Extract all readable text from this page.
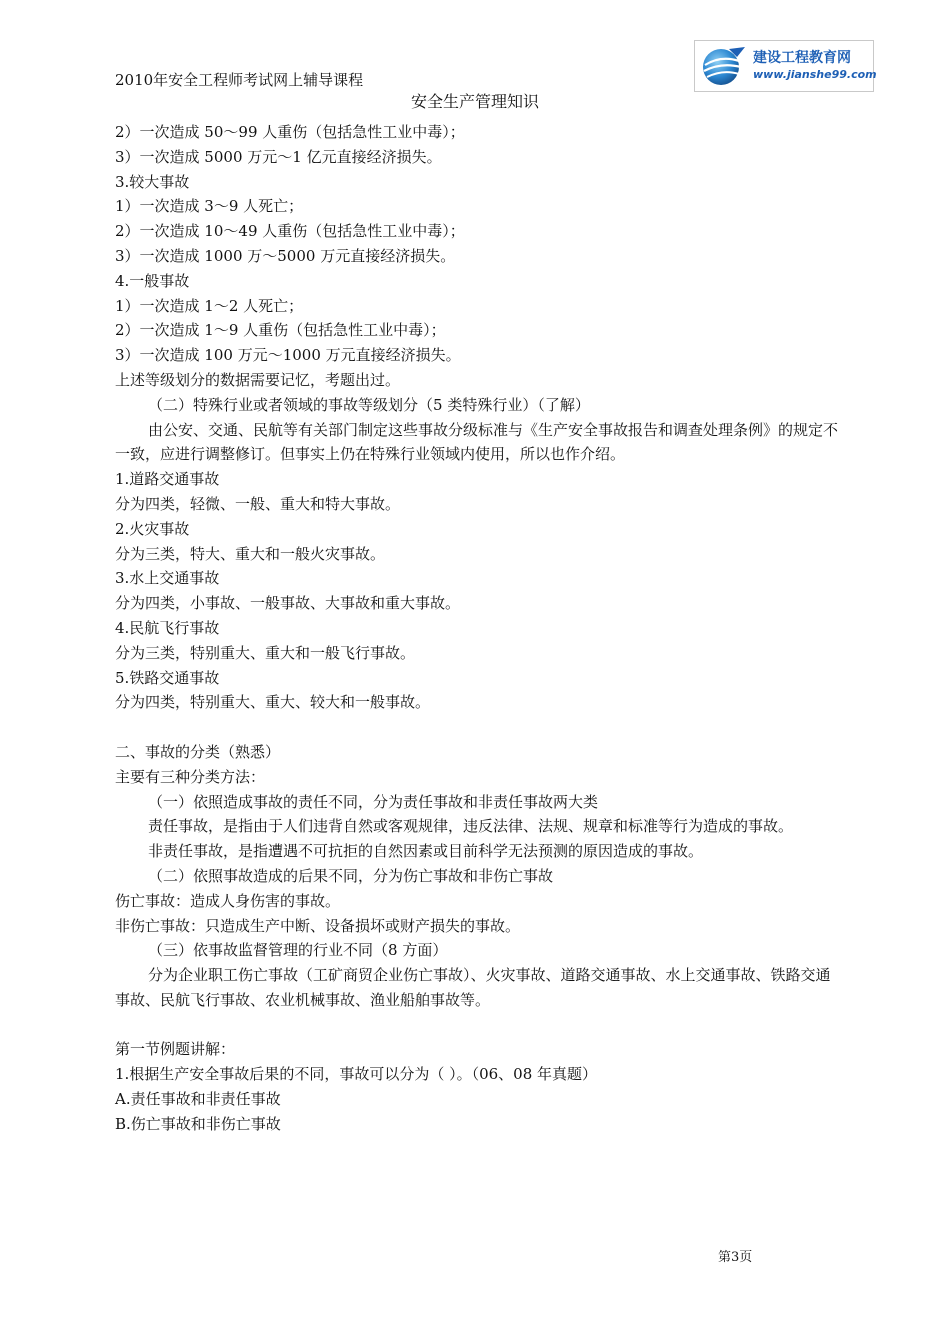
2010年安全工程师考试网上辅导课程
安全生产管理知识
建设工程教育网
www.jianshe99.com

2）一次造成 50～99 人重伤（包括急性工业中毒）；

3）一次造成 5000 万元～1 亿元直接经济损失。

3.较大事故

1）一次造成 3～9 人死亡；

2）一次造成 10～49 人重伤（包括急性工业中毒）；

3）一次造成 1000 万～5000 万元直接经济损失。

4.一般事故

1）一次造成 1～2 人死亡；

2）一次造成 1～9 人重伤（包括急性工业中毒）；

3）一次造成 100 万元～1000 万元直接经济损失。

上述等级划分的数据需要记忆，考题出过。

（二）特殊行业或者领域的事故等级划分（5 类特殊行业）（了解）

由公安、交通、民航等有关部门制定这些事故分级标准与《生产安全事故报告和调查处理条例》的规定不一致，应进行调整修订。但事实上仍在特殊行业领域内使用，所以也作介绍。

1.道路交通事故

分为四类，轻微、一般、重大和特大事故。

2.火灾事故

分为三类，特大、重大和一般火灾事故。

3.水上交通事故

分为四类，小事故、一般事故、大事故和重大事故。

4.民航飞行事故

分为三类，特别重大、重大和一般飞行事故。

5.铁路交通事故

分为四类，特别重大、重大、较大和一般事故。

二、事故的分类（熟悉）

主要有三种分类方法：

（一）依照造成事故的责任不同，分为责任事故和非责任事故两大类

责任事故，是指由于人们违背自然或客观规律，违反法律、法规、规章和标准等行为造成的事故。

非责任事故，是指遭遇不可抗拒的自然因素或目前科学无法预测的原因造成的事故。

（二）依照事故造成的后果不同，分为伤亡事故和非伤亡事故

伤亡事故：造成人身伤害的事故。

非伤亡事故：只造成生产中断、设备损坏或财产损失的事故。

（三）依事故监督管理的行业不同（8 方面）

分为企业职工伤亡事故（工矿商贸企业伤亡事故）、火灾事故、道路交通事故、水上交通事故、铁路交通事故、民航飞行事故、农业机械事故、渔业船舶事故等。

第一节例题讲解：

1.根据生产安全事故后果的不同，事故可以分为（ ）。（06、08 年真题）

A.责任事故和非责任事故

B.伤亡事故和非伤亡事故

第3页
